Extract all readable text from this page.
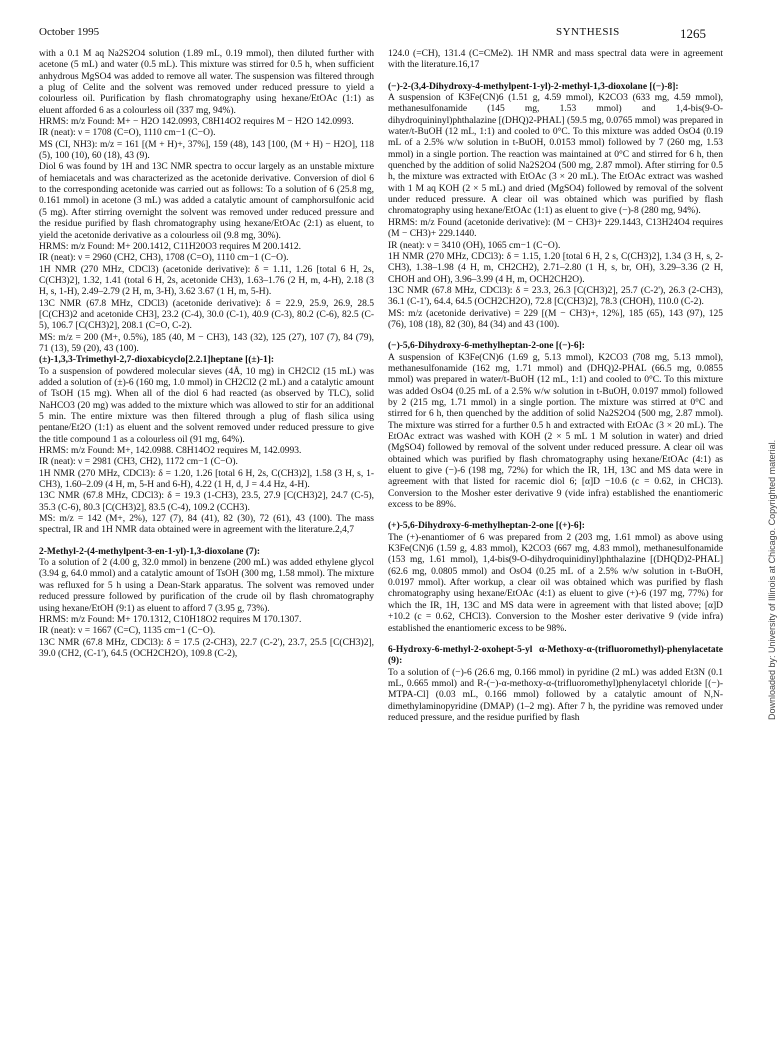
October 1995	SYNTHESIS	1265

with a 0.1 M aq Na2S2O4 solution (1.89 mL, 0.19 mmol), then diluted further with acetone (5 mL) and water (0.5 mL). This mixture was stirred for 0.5 h, when sufficient anhydrous MgSO4 was added to remove all water. The suspension was filtered through a plug of Celite and the solvent was removed under reduced pressure to yield a colourless oil. Purification by flash chromatography using hexane/EtOAc (1:1) as eluent afforded 6 as a colourless oil (337 mg, 94%).

HRMS: m/z Found: M+ − H2O 142.0993, C8H14O2 requires M − H2O 142.0993.

IR (neat): ν = 1708 (C=O), 1110 cm−1 (C−O).

MS (CI, NH3): m/z = 161 [(M + H)+, 37%], 159 (48), 143 [100, (M + H) − H2O], 118 (5), 100 (10), 60 (18), 43 (9).

Diol 6 was found by 1H and 13C NMR spectra to occur largely as an unstable mixture of hemiacetals and was characterized as the acetonide derivative. Conversion of diol 6 to the corresponding acetonide was carried out as follows: To a solution of 6 (25.8 mg, 0.161 mmol) in acetone (3 mL) was added a catalytic amount of camphorsulfonic acid (5 mg). After stirring overnight the solvent was removed under reduced pressure and the residue purified by flash chromatography using hexane/EtOAc (2:1) as eluent, to yield the acetonide derivative as a colourless oil (9.8 mg, 30%).

HRMS: m/z Found: M+ 200.1412, C11H20O3 requires M 200.1412.

IR (neat): ν = 2960 (CH2, CH3), 1708 (C=O), 1110 cm−1 (C−O).

1H NMR (270 MHz, CDCl3) (acetonide derivative): δ = 1.11, 1.26 [total 6 H, 2s, C(CH3)2], 1.32, 1.41 (total 6 H, 2s, acetonide CH3), 1.63–1.76 (2 H, m, 4-H), 2.18 (3 H, s, 1-H), 2.49–2.79 (2 H, m, 3-H), 3.62 3.67 (1 H, m, 5-H).

13C NMR (67.8 MHz, CDCl3) (acetonide derivative): δ = 22.9, 25.9, 26.9, 28.5 [C(CH3)2 and acetonide CH3], 23.2 (C-4), 30.0 (C-1), 40.9 (C-3), 80.2 (C-6), 82.5 (C-5), 106.7 [C(CH3)2], 208.1 (C=O, C-2).

MS: m/z = 200 (M+, 0.5%), 185 (40, M − CH3), 143 (32), 125 (27), 107 (7), 84 (79), 71 (13), 59 (20), 43 (100).

(±)-1,3,3-Trimethyl-2,7-dioxabicyclo[2.2.1]heptane [(±)-1]:

To a suspension of powdered molecular sieves (4Å, 10 mg) in CH2Cl2 (15 mL) was added a solution of (±)-6 (160 mg, 1.0 mmol) in CH2Cl2 (2 mL) and a catalytic amount of TsOH (15 mg). When all of the diol 6 had reacted (as observed by TLC), solid NaHCO3 (20 mg) was added to the mixture which was allowed to stir for an additional 5 min. The entire mixture was then filtered through a plug of flash silica using pentane/Et2O (1:1) as eluent and the solvent removed under reduced pressure to give the title compound 1 as a colourless oil (91 mg, 64%).

HRMS: m/z Found: M+, 142.0988. C8H14O2 requires M, 142.0993.

IR (neat): ν = 2981 (CH3, CH2), 1172 cm−1 (C−O).

1H NMR (270 MHz, CDCl3): δ = 1.20, 1.26 [total 6 H, 2s, C(CH3)2], 1.58 (3 H, s, 1-CH3), 1.60–2.09 (4 H, m, 5-H and 6-H), 4.22 (1 H, d, J = 4.4 Hz, 4-H).

13C NMR (67.8 MHz, CDCl3): δ = 19.3 (1-CH3), 23.5, 27.9 [C(CH3)2], 24.7 (C-5), 35.3 (C-6), 80.3 [C(CH3)2], 83.5 (C-4), 109.2 (CCH3).

MS: m/z = 142 (M+, 2%), 127 (7), 84 (41), 82 (30), 72 (61), 43 (100). The mass spectral, IR and 1H NMR data obtained were in agreement with the literature.2,4,7

2-Methyl-2-(4-methylpent-3-en-1-yl)-1,3-dioxolane (7):

To a solution of 2 (4.00 g, 32.0 mmol) in benzene (200 mL) was added ethylene glycol (3.94 g, 64.0 mmol) and a catalytic amount of TsOH (300 mg, 1.58 mmol). The mixture was refluxed for 5 h using a Dean-Stark apparatus. The solvent was removed under reduced pressure followed by purification of the crude oil by flash chromatography using hexane/EtOH (9:1) as eluent to afford 7 (3.95 g, 73%).

HRMS: m/z Found: M+ 170.1312, C10H18O2 requires M 170.1307.

IR (neat): ν = 1667 (C=C), 1135 cm−1 (C−O).

13C NMR (67.8 MHz, CDCl3): δ = 17.5 (2-CH3), 22.7 (C-2'), 23.7, 25.5 [C(CH3)2], 39.0 (CH2, (C-1'), 64.5 (OCH2CH2O), 109.8 (C-2),

124.0 (=CH), 131.4 (C=CMe2). 1H NMR and mass spectral data were in agreement with the literature.16,17

(−)-2-(3,4-Dihydroxy-4-methylpent-1-yl)-2-methyl-1,3-dioxolane [(−)-8]:

A suspension of K3Fe(CN)6 (1.51 g, 4.59 mmol), K2CO3 (633 mg, 4.59 mmol), methanesulfonamide (145 mg, 1.53 mmol) and 1,4-bis(9-O-dihydroquininyl)phthalazine [(DHQ)2-PHAL] (59.5 mg, 0.0765 mmol) was prepared in water/t-BuOH (12 mL, 1:1) and cooled to 0°C. To this mixture was added OsO4 (0.19 mL of a 2.5% w/w solution in t-BuOH, 0.0153 mmol) followed by 7 (260 mg, 1.53 mmol) in a single portion. The reaction was maintained at 0°C and stirred for 6 h, then quenched by the addition of solid Na2S2O4 (500 mg, 2.87 mmol). After stirring for 0.5 h, the mixture was extracted with EtOAc (3 × 20 mL). The EtOAc extract was washed with 1 M aq KOH (2 × 5 mL) and dried (MgSO4) followed by removal of the solvent under reduced pressure. A clear oil was obtained which was purified by flash chromatography using hexane/EtOAc (1:1) as eluent to give (−)-8 (280 mg, 94%).

HRMS: m/z Found (acetonide derivative): (M − CH3)+ 229.1443, C13H24O4 requires (M − CH3)+ 229.1440.

IR (neat): ν = 3410 (OH), 1065 cm−1 (C−O).

1H NMR (270 MHz, CDCl3): δ = 1.15, 1.20 [total 6 H, 2 s, C(CH3)2], 1.34 (3 H, s, 2-CH3), 1.38–1.98 (4 H, m, CH2CH2), 2.71–2.80 (1 H, s, br, OH), 3.29–3.36 (2 H, CHOH and OH), 3.96–3.99 (4 H, m, OCH2CH2O).

13C NMR (67.8 MHz, CDCl3): δ = 23.3, 26.3 [C(CH3)2], 25.7 (C-2'), 26.3 (2-CH3), 36.1 (C-1'), 64.4, 64.5 (OCH2CH2O), 72.8 [C(CH3)2], 78.3 (CHOH), 110.0 (C-2).

MS: m/z (acetonide derivative) = 229 [(M − CH3)+, 12%], 185 (65), 143 (97), 125 (76), 108 (18), 82 (30), 84 (34) and 43 (100).

(−)-5,6-Dihydroxy-6-methylheptan-2-one [(−)-6]:

A suspension of K3Fe(CN)6 (1.69 g, 5.13 mmol), K2CO3 (708 mg, 5.13 mmol), methanesulfonamide (162 mg, 1.71 mmol) and (DHQ)2-PHAL (66.5 mg, 0.0855 mmol) was prepared in water/t-BuOH (12 mL, 1:1) and cooled to 0°C. To this mixture was added OsO4 (0.25 mL of a 2.5% w/w solution in t-BuOH, 0.0197 mmol) followed by 2 (215 mg, 1.71 mmol) in a single portion. The mixture was stirred at 0°C and stirred for 6 h, then quenched by the addition of solid Na2S2O4 (500 mg, 2.87 mmol). The mixture was stirred for a further 0.5 h and extracted with EtOAc (3 × 20 mL). The EtOAc extract was washed with KOH (2 × 5 mL 1 M solution in water) and dried (MgSO4) followed by removal of the solvent under reduced pressure. A clear oil was obtained which was purified by flash chromatography using hexane/EtOAc (4:1) as eluent to give (−)-6 (198 mg, 72%) for which the IR, 1H, 13C and MS data were in agreement with that listed for racemic diol 6; [α]D −10.6 (c = 0.62, in CHCl3). Conversion to the Mosher ester derivative 9 (vide infra) established the enantiomeric excess to be 89%.

(+)-5,6-Dihydroxy-6-methylheptan-2-one [(+)-6]:

The (+)-enantiomer of 6 was prepared from 2 (203 mg, 1.61 mmol) as above using K3Fe(CN)6 (1.59 g, 4.83 mmol), K2CO3 (667 mg, 4.83 mmol), methanesulfonamide (153 mg, 1.61 mmol), 1,4-bis(9-O-dihydroquinidinyl)phthalazine [(DHQD)2-PHAL] (62.6 mg, 0.0805 mmol) and OsO4 (0.25 mL of a 2.5% w/w solution in t-BuOH, 0.0197 mmol). After workup, a clear oil was obtained which was purified by flash chromatography using hexane/EtOAc (4:1) as eluent to give (+)-6 (197 mg, 77%) for which the IR, 1H, 13C and MS data were in agreement with that listed above; [α]D +10.2 (c = 0.62, CHCl3). Conversion to the Mosher ester derivative 9 (vide infra) established the enantiomeric excess to be 98%.

6-Hydroxy-6-methyl-2-oxohept-5-yl α-Methoxy-α-(trifluoromethyl)-phenylacetate (9):

To a solution of (−)-6 (26.6 mg, 0.166 mmol) in pyridine (2 mL) was added Et3N (0.1 mL, 0.665 mmol) and R-(−)-α-methoxy-α-(trifluoromethyl)phenylacetyl chloride [(−)-MTPA-Cl] (0.03 mL, 0.166 mmol) followed by a catalytic amount of N,N-dimethylaminopyridine (DMAP) (1–2 mg). After 7 h, the pyridine was removed under reduced pressure, and the residue purified by flash	Downloaded by: University of Illinois at Chicago. Copyrighted material.
